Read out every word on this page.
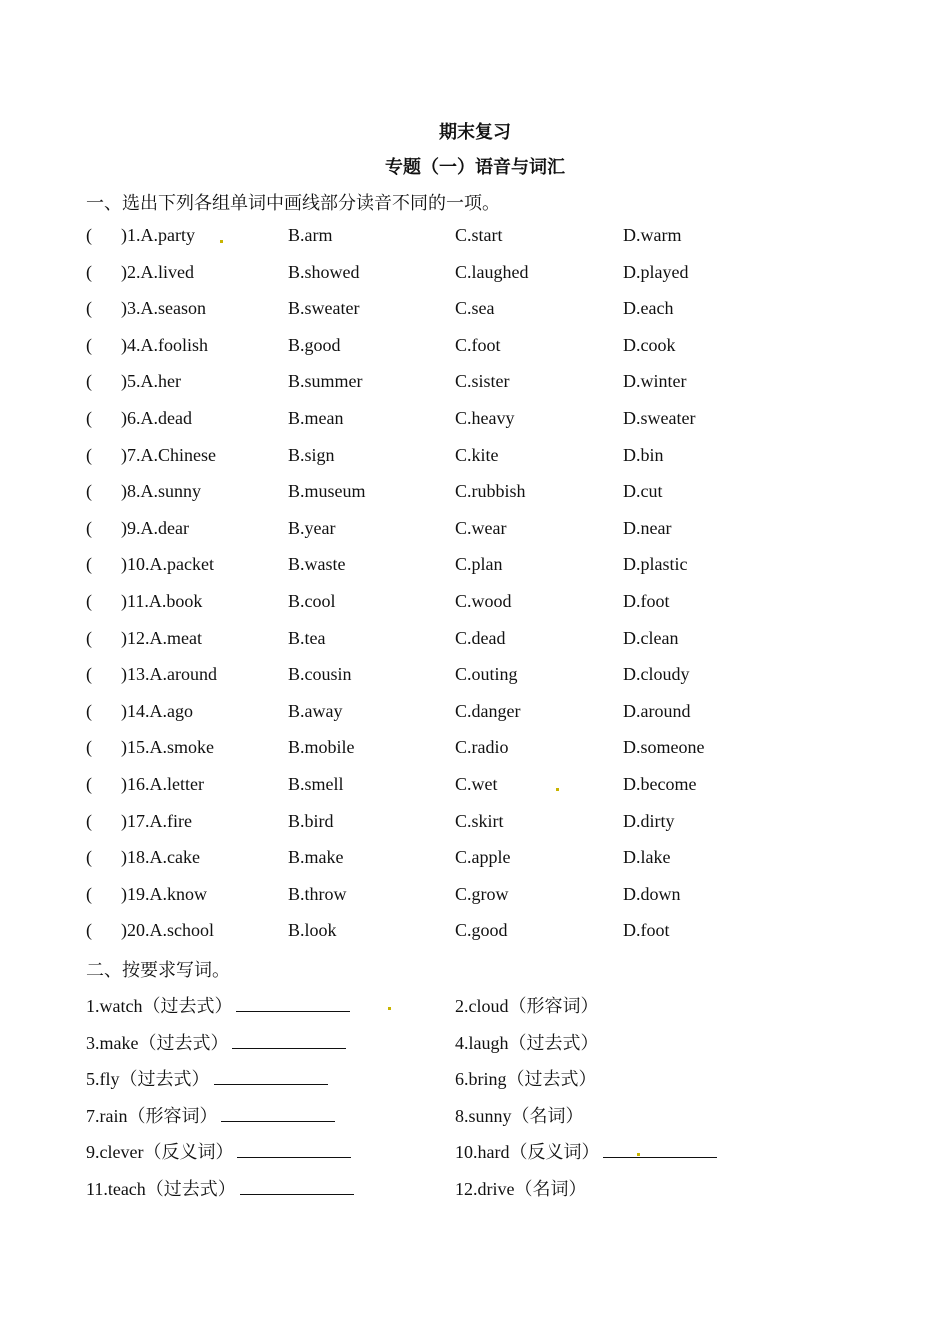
期末复习
专题（一）语音与词汇
一、选出下列各组单词中画线部分读音不同的一项。
( )1.A.party	B.arm	C.start	D.warm
( )2.A.lived	B.showed	C.laughed	D.played
( )3.A.season	B.sweater	C.sea	D.each
( )4.A.foolish	B.good	C.foot	D.cook
( )5.A.her	B.summer	C.sister	D.winter
( )6.A.dead	B.mean	C.heavy	D.sweater
( )7.A.Chinese	B.sign	C.kite	D.bin
( )8.A.sunny	B.museum	C.rubbish	D.cut
( )9.A.dear	B.year	C.wear	D.near
( )10.A.packet	B.waste	C.plan	D.plastic
( )11.A.book	B.cool	C.wood	D.foot
( )12.A.meat	B.tea	C.dead	D.clean
( )13.A.around	B.cousin	C.outing	D.cloudy
( )14.A.ago	B.away	C.danger	D.around
( )15.A.smoke	B.mobile	C.radio	D.someone
( )16.A.letter	B.smell	C.wet	D.become
( )17.A.fire	B.bird	C.skirt	D.dirty
( )18.A.cake	B.make	C.apple	D.lake
( )19.A.know	B.throw	C.grow	D.down
( )20.A.school	B.look	C.good	D.foot
二、按要求写词。
1.watch（过去式）	2.cloud（形容词）
3.make（过去式）	4.laugh（过去式）
5.fly（过去式）	6.bring（过去式）
7.rain（形容词）	8.sunny（名词）
9.clever（反义词）	10.hard（反义词）
11.teach（过去式）	12.drive（名词）
